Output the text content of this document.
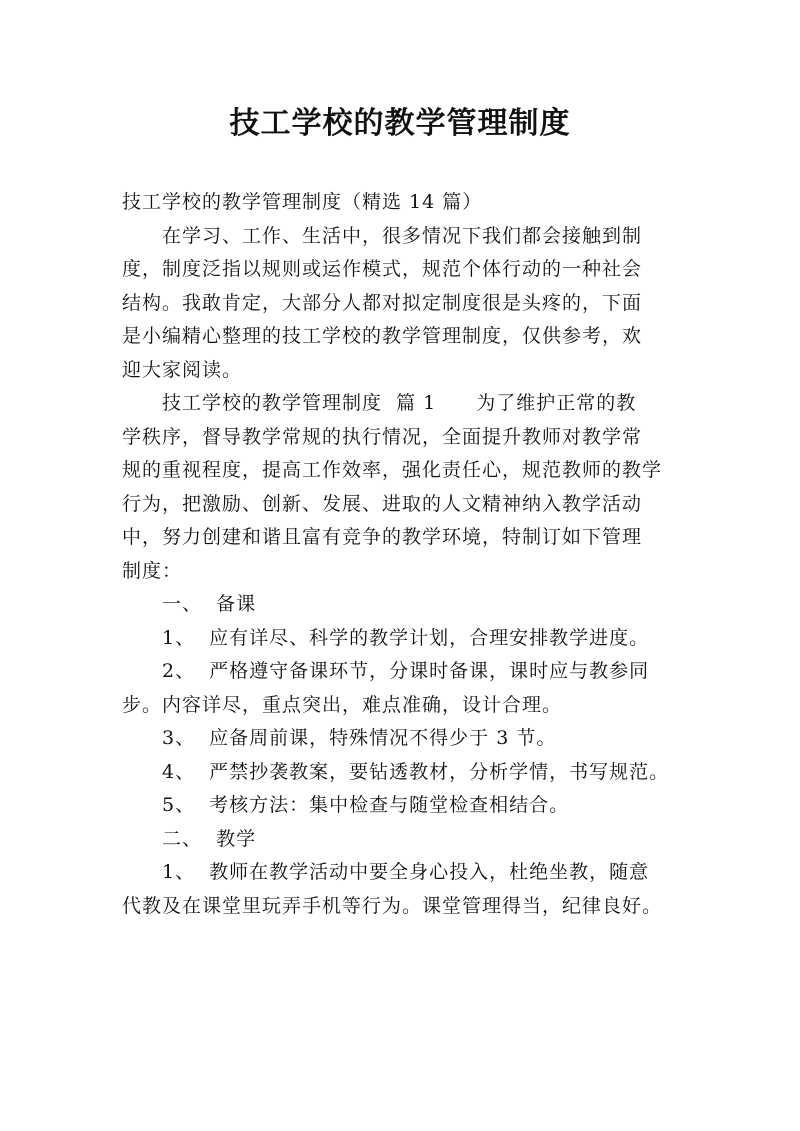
技工学校的教学管理制度
技工学校的教学管理制度（精选 14 篇）
　　在学习、工作、生活中，很多情况下我们都会接触到制
度，制度泛指以规则或运作模式，规范个体行动的一种社会
结构。我敢肯定，大部分人都对拟定制度很是头疼的，下面
是小编精心整理的技工学校的教学管理制度，仅供参考，欢
迎大家阅读。
　　技工学校的教学管理制度  篇 1　　为了维护正常的教
学秩序，督导教学常规的执行情况，全面提升教师对教学常
规的重视程度，提高工作效率，强化责任心，规范教师的教学
行为，把激励、创新、发展、进取的人文精神纳入教学活动
中，努力创建和谐且富有竞争的教学环境，特制订如下管理
制度：
　　一、  备课
　　1、  应有详尽、科学的教学计划，合理安排教学进度。
　　2、  严格遵守备课环节，分课时备课，课时应与教参同
步。内容详尽，重点突出，难点准确，设计合理。
　　3、  应备周前课，特殊情况不得少于 3 节。
　　4、  严禁抄袭教案，要钻透教材，分析学情，书写规范。
　　5、  考核方法：集中检查与随堂检查相结合。
　　二、  教学
　　1、  教师在教学活动中要全身心投入，杜绝坐教，随意
代教及在课堂里玩弄手机等行为。课堂管理得当，纪律良好。
